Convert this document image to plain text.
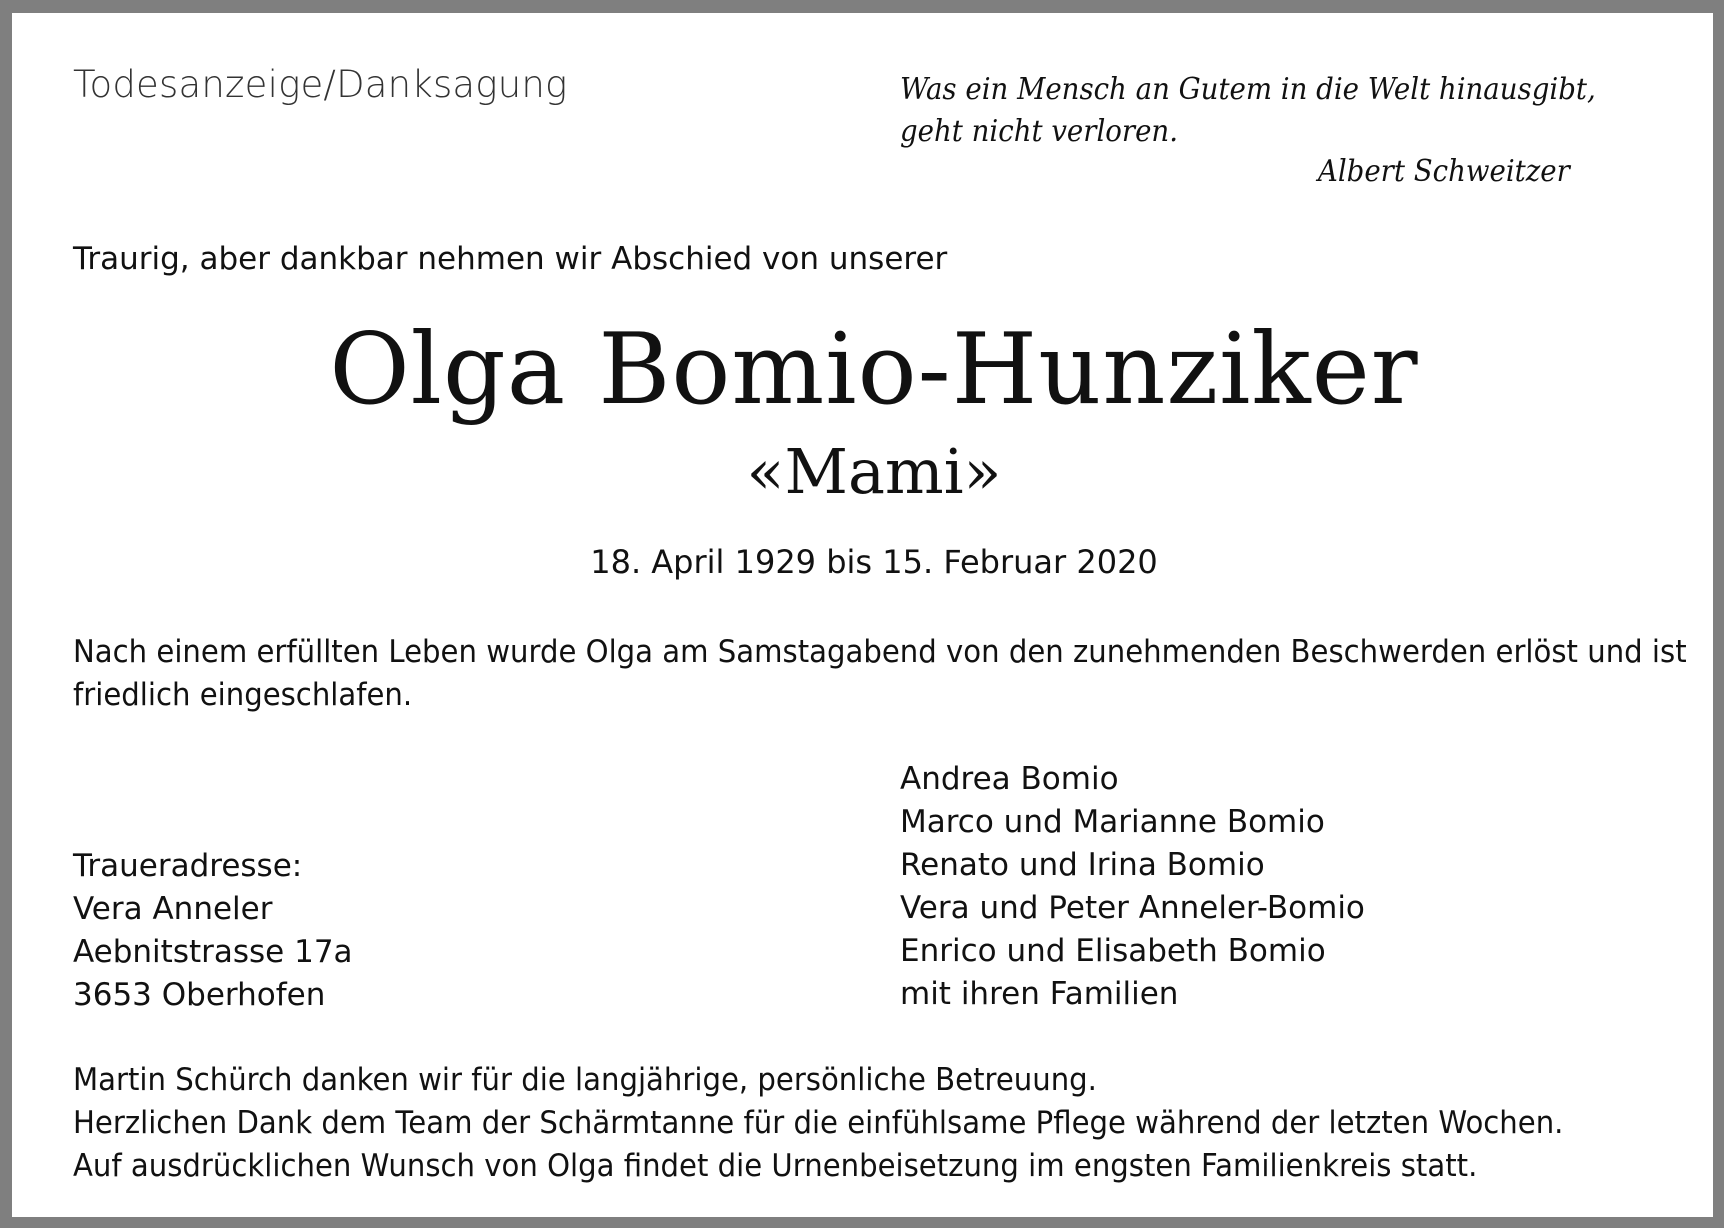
Todesanzeige/Danksagung	Was ein Mensch an Gutem in die Welt hinausgibt,
geht nicht verloren.
Albert Schweitzer
Traurig, aber dankbar nehmen wir Abschied von unserer
Olga Bomio-Hunziker
«Mami»
18. April 1929 bis 15. Februar 2020
Nach einem erfüllten Leben wurde Olga am Samstagabend von den zunehmenden Beschwerden erlöst und ist
friedlich eingeschlafen.
Traueradresse:
Vera Anneler
Aebnitstrasse 17a
3653 Oberhofen
Andrea Bomio
Marco und Marianne Bomio
Renato und Irina Bomio
Vera und Peter Anneler-Bomio
Enrico und Elisabeth Bomio
mit ihren Familien
Martin Schürch danken wir für die langjährige, persönliche Betreuung.
Herzlichen Dank dem Team der Schärmtanne für die einfühlsame Pflege während der letzten Wochen.
Auf ausdrücklichen Wunsch von Olga findet die Urnenbeisetzung im engsten Familienkreis statt.
